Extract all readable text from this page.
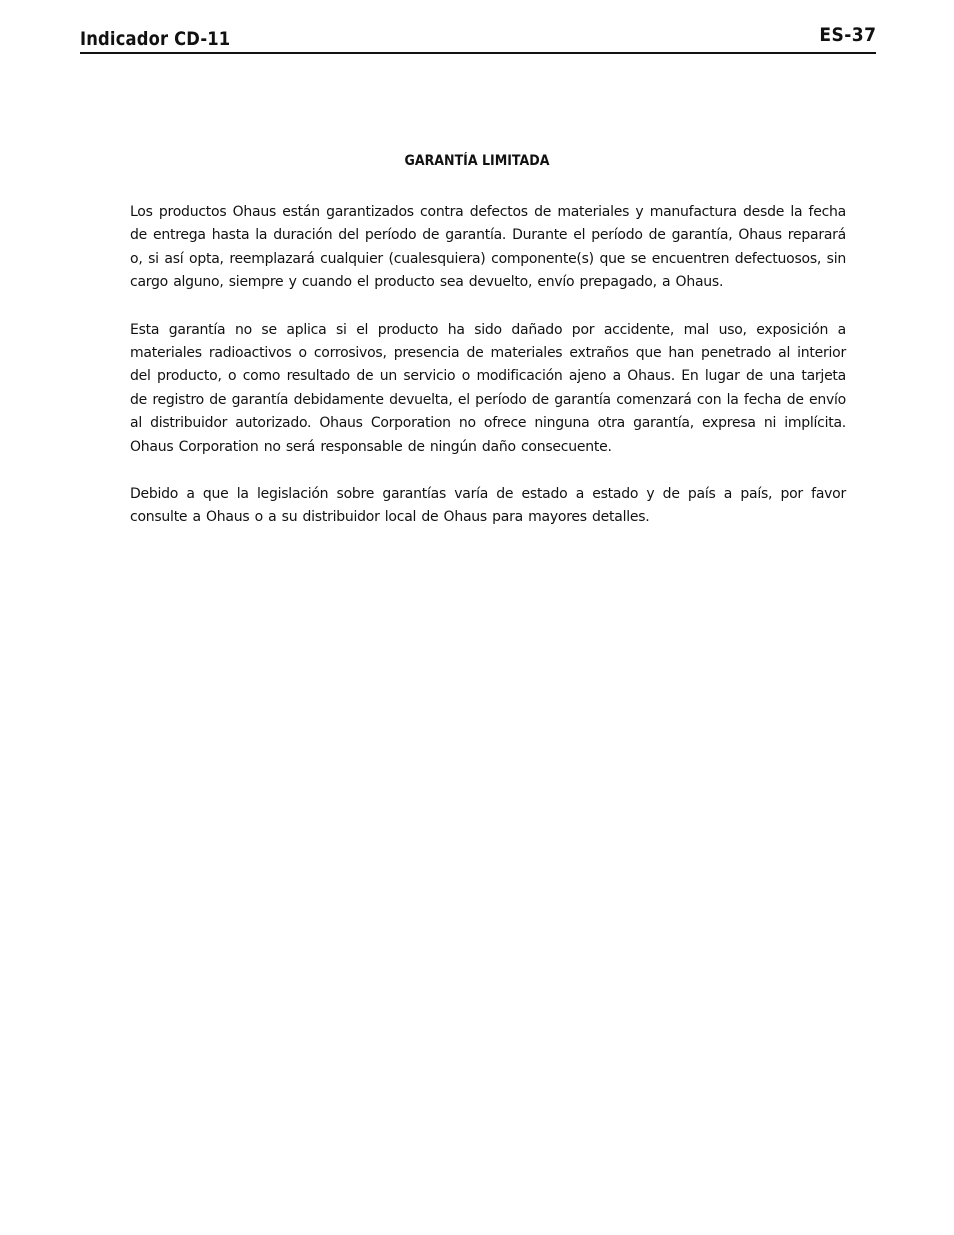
Indicador CD-11	ES-37
GARANTÍA LIMITADA

Los productos Ohaus están garantizados contra defectos de materiales y manufactura desde la fecha de entrega hasta la duración del período de garantía. Durante el período de garantía, Ohaus reparará o, si así opta, reemplazará cualquier (cualesquiera) componente(s) que se encuentren defectuosos, sin cargo alguno, siempre y cuando el producto sea devuelto, envío prepagado, a Ohaus.

Esta garantía no se aplica si el producto ha sido dañado por accidente, mal uso, exposición a materiales radioactivos o corrosivos, presencia de materiales extraños que han penetrado al interior del producto, o como resultado de un servicio o modificación ajeno a Ohaus. En lugar de una tarjeta de registro de garantía debidamente devuelta, el período de garantía comenzará con la fecha de envío al distribuidor autorizado. Ohaus Corporation no ofrece ninguna otra garantía, expresa ni implícita. Ohaus Corporation no será responsable de ningún daño consecuente.

Debido a que la legislación sobre garantías varía de estado a estado y de país a país, por favor consulte a Ohaus o a su distribuidor local de Ohaus para mayores detalles.
